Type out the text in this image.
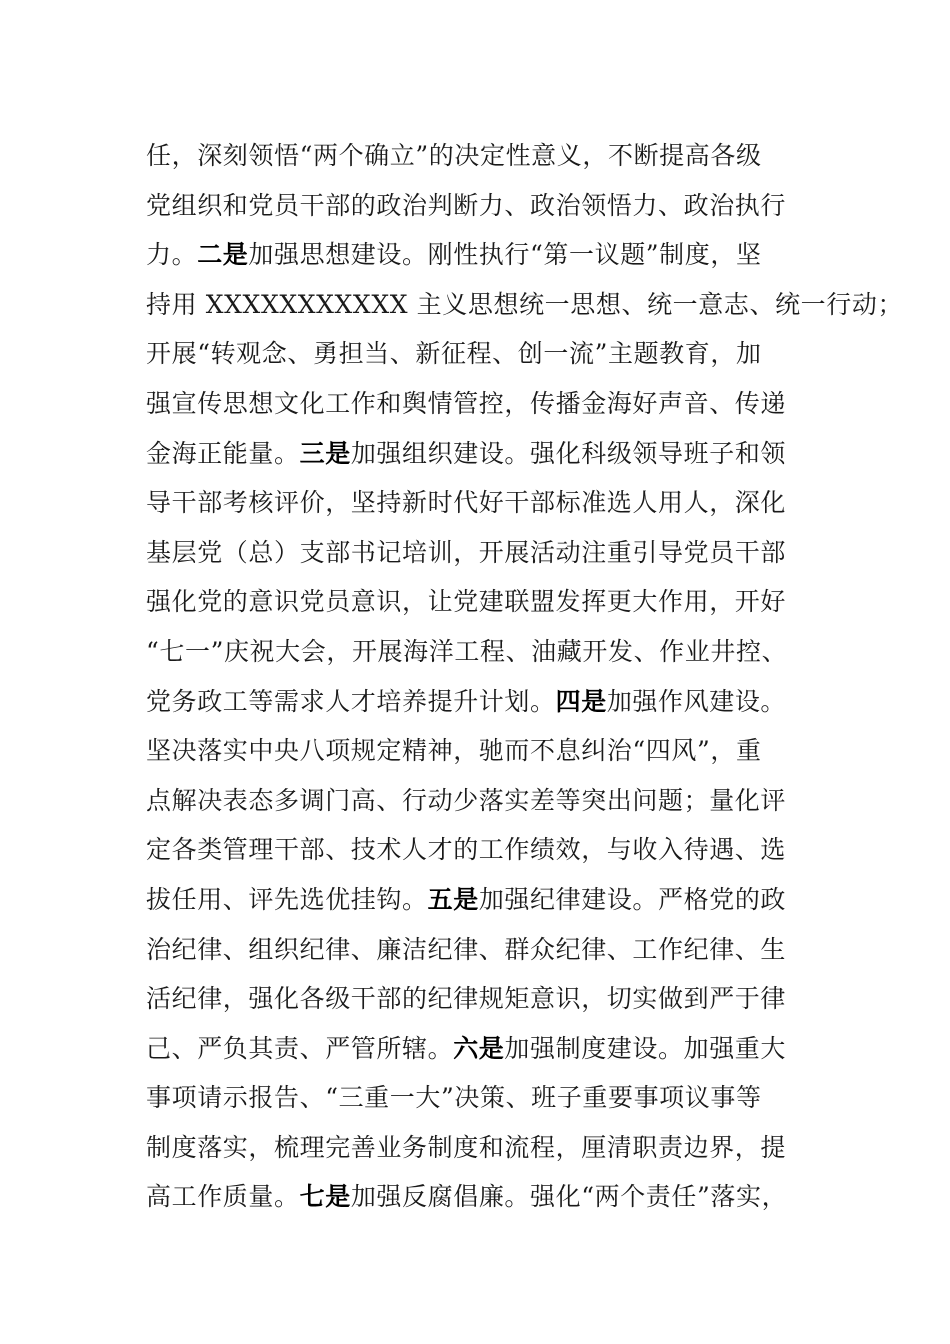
任，深刻领悟“两个确立”的决定性意义，不断提高各级
党组织和党员干部的政治判断力、政治领悟力、政治执行
力。二是加强思想建设。刚性执行“第一议题”制度，坚
持用 XXXXXXXXXXX 主义思想统一思想、统一意志、统一行动；
开展“转观念、勇担当、新征程、创一流”主题教育，加
强宣传思想文化工作和舆情管控，传播金海好声音、传递
金海正能量。三是加强组织建设。强化科级领导班子和领
导干部考核评价，坚持新时代好干部标准选人用人，深化
基层党（总）支部书记培训，开展活动注重引导党员干部
强化党的意识党员意识，让党建联盟发挥更大作用，开好
“七一”庆祝大会，开展海洋工程、油藏开发、作业井控、
党务政工等需求人才培养提升计划。四是加强作风建设。
坚决落实中央八项规定精神，驰而不息纠治“四风”，重
点解决表态多调门高、行动少落实差等突出问题；量化评
定各类管理干部、技术人才的工作绩效，与收入待遇、选
拔任用、评先选优挂钩。五是加强纪律建设。严格党的政
治纪律、组织纪律、廉洁纪律、群众纪律、工作纪律、生
活纪律，强化各级干部的纪律规矩意识，切实做到严于律
己、严负其责、严管所辖。六是加强制度建设。加强重大
事项请示报告、“三重一大”决策、班子重要事项议事等
制度落实，梳理完善业务制度和流程，厘清职责边界，提
高工作质量。七是加强反腐倡廉。强化“两个责任”落实，
